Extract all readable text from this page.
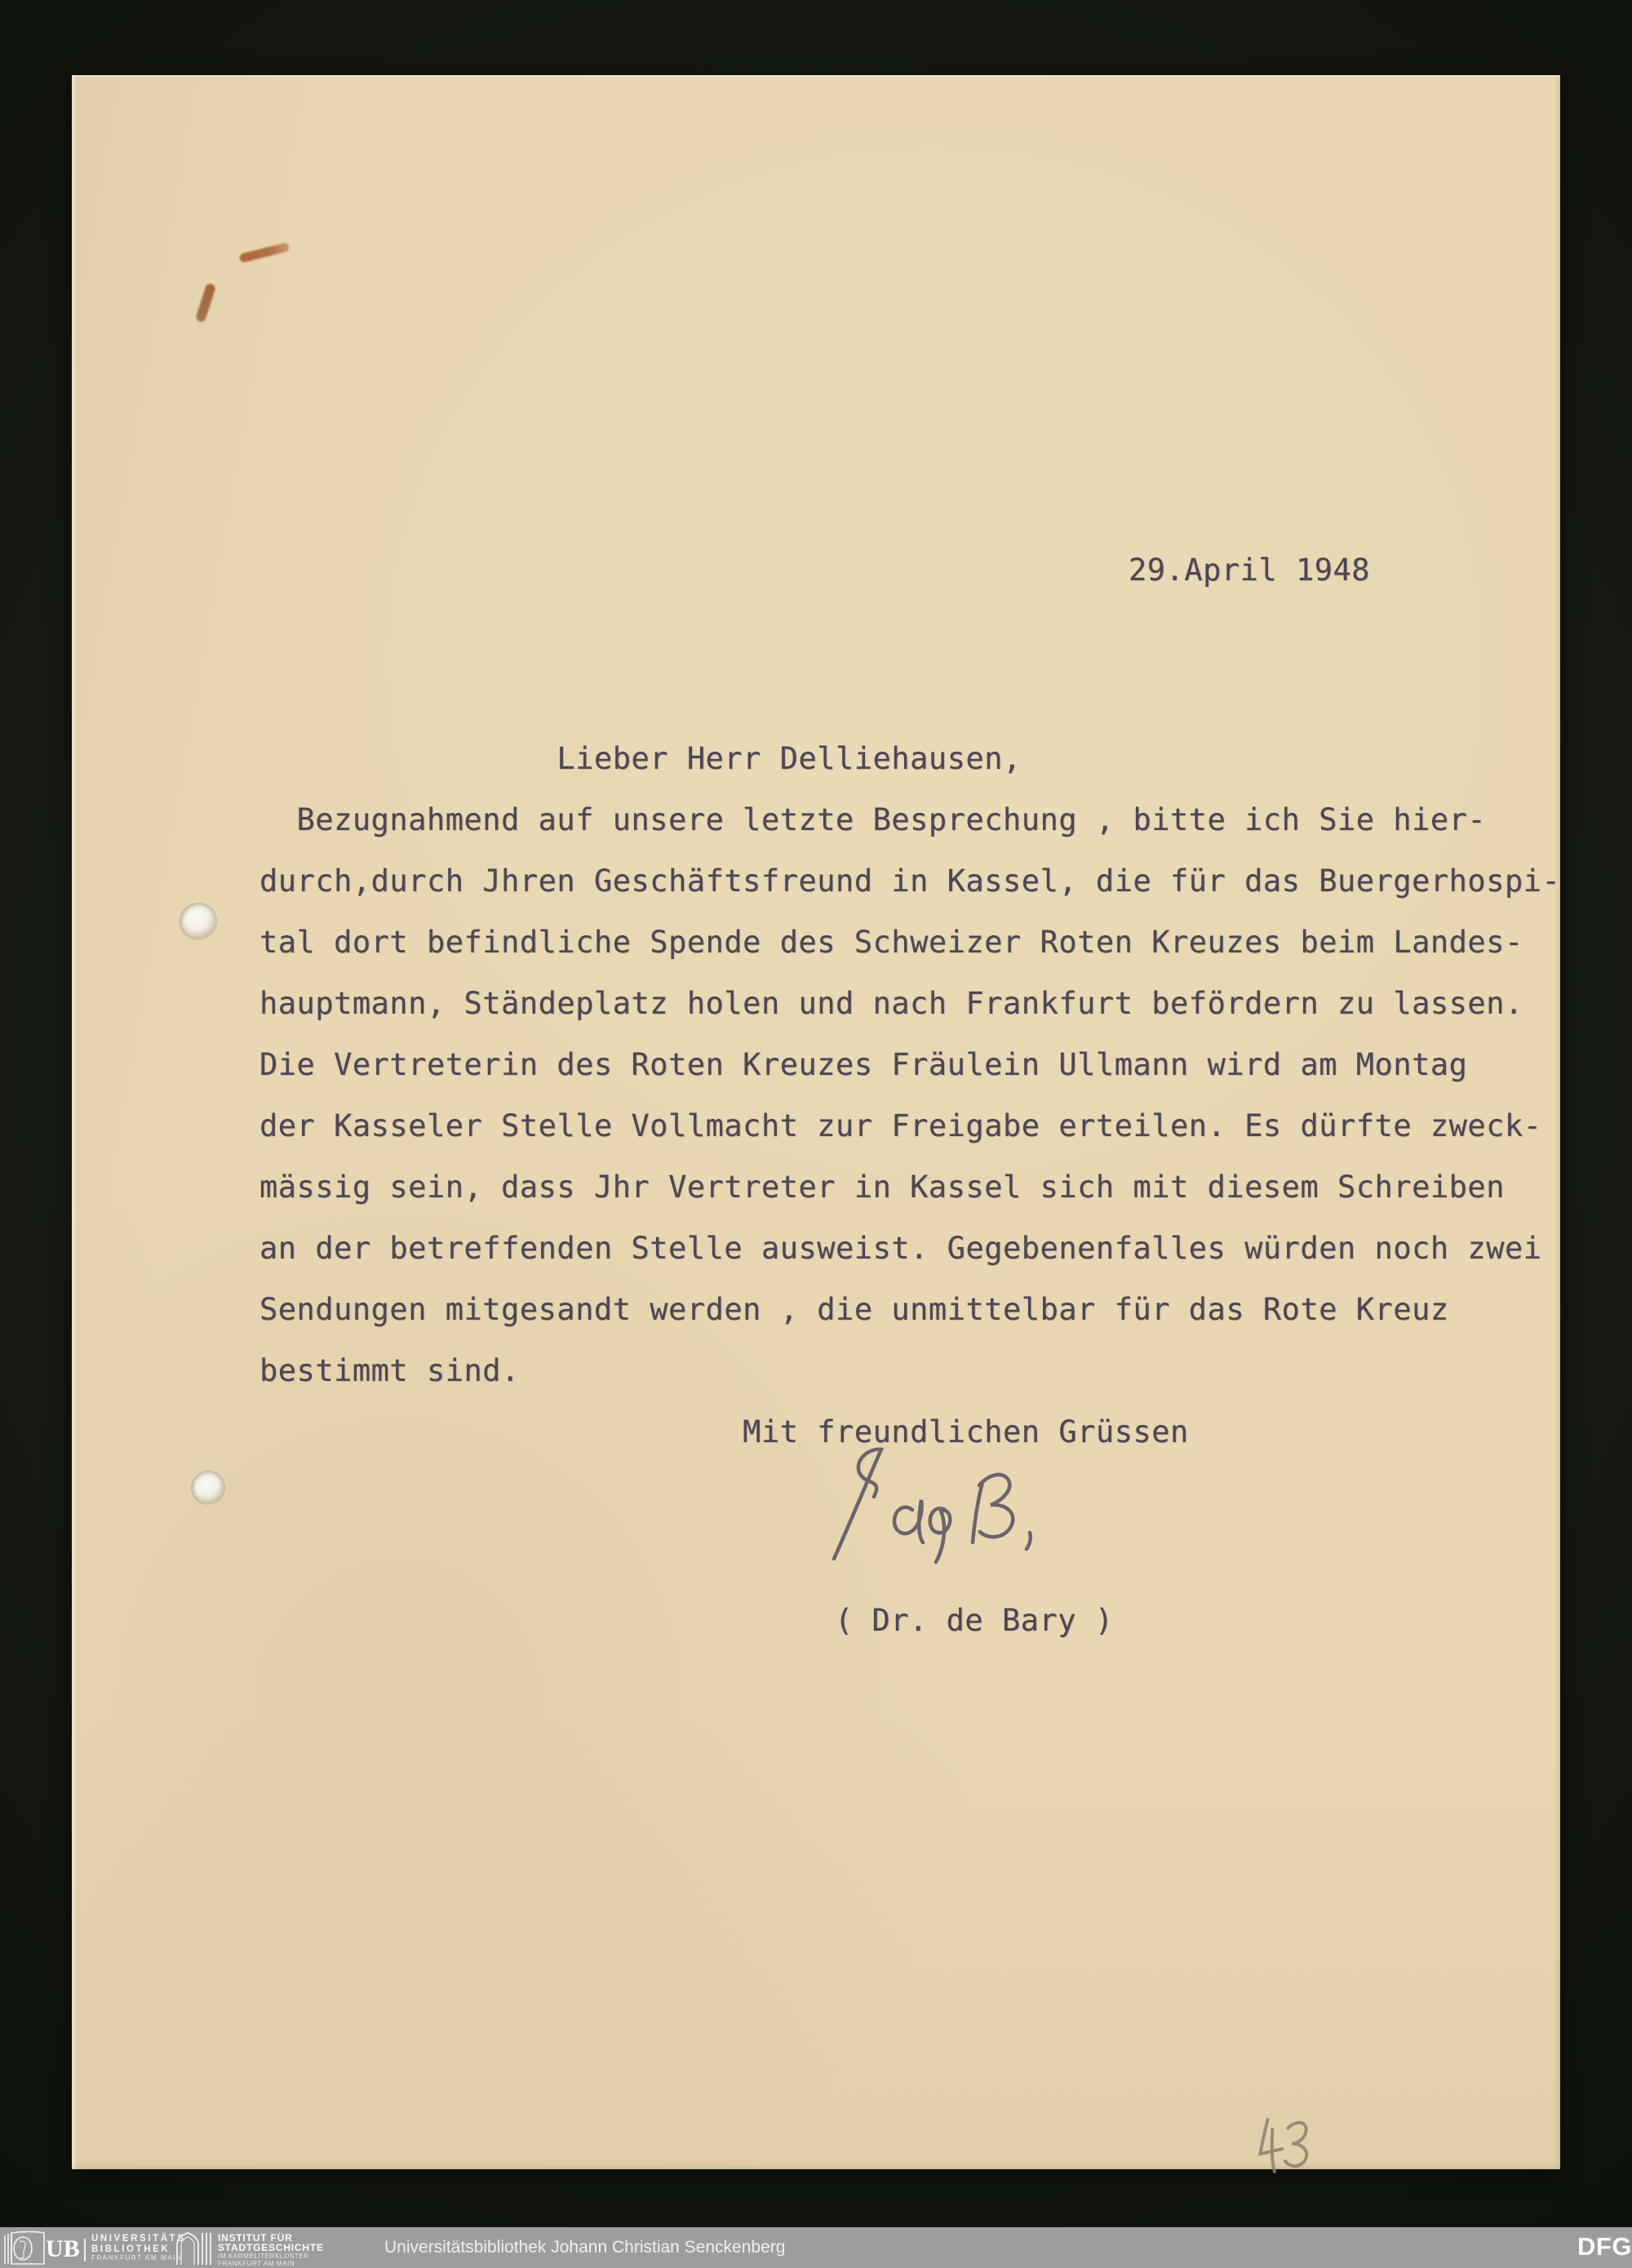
29.April 1948
Lieber Herr Delliehausen,
Bezugnahmend auf unsere letzte Besprechung , bitte ich Sie hier-
durch,durch Jhren Geschäftsfreund in Kassel, die für das Buergerhospi-
tal dort befindliche Spende des Schweizer Roten Kreuzes beim Landes-
hauptmann, Ständeplatz holen und nach Frankfurt befördern zu lassen.
Die Vertreterin des Roten Kreuzes Fräulein Ullmann wird am Montag
der Kasseler Stelle Vollmacht zur Freigabe erteilen. Es dürfte zweck-
mässig sein, dass Jhr Vertreter in Kassel sich mit diesem Schreiben
an der betreffenden Stelle ausweist. Gegebenenfalles würden noch zwei
Sendungen mitgesandt werden , die unmittelbar für das Rote Kreuz
bestimmt sind.
Mit freundlichen Grüssen
( Dr. de Bary )
UB UNIVERSITÄTS
BIBLIOTHEK
FRANKFURT AM MAIN
INSTITUT FÜR
STADTGESCHICHTE
IM KARMELITERKLOSTER
FRANKFURT AM MAIN
Universitätsbibliothek Johann Christian Senckenberg	DFG
